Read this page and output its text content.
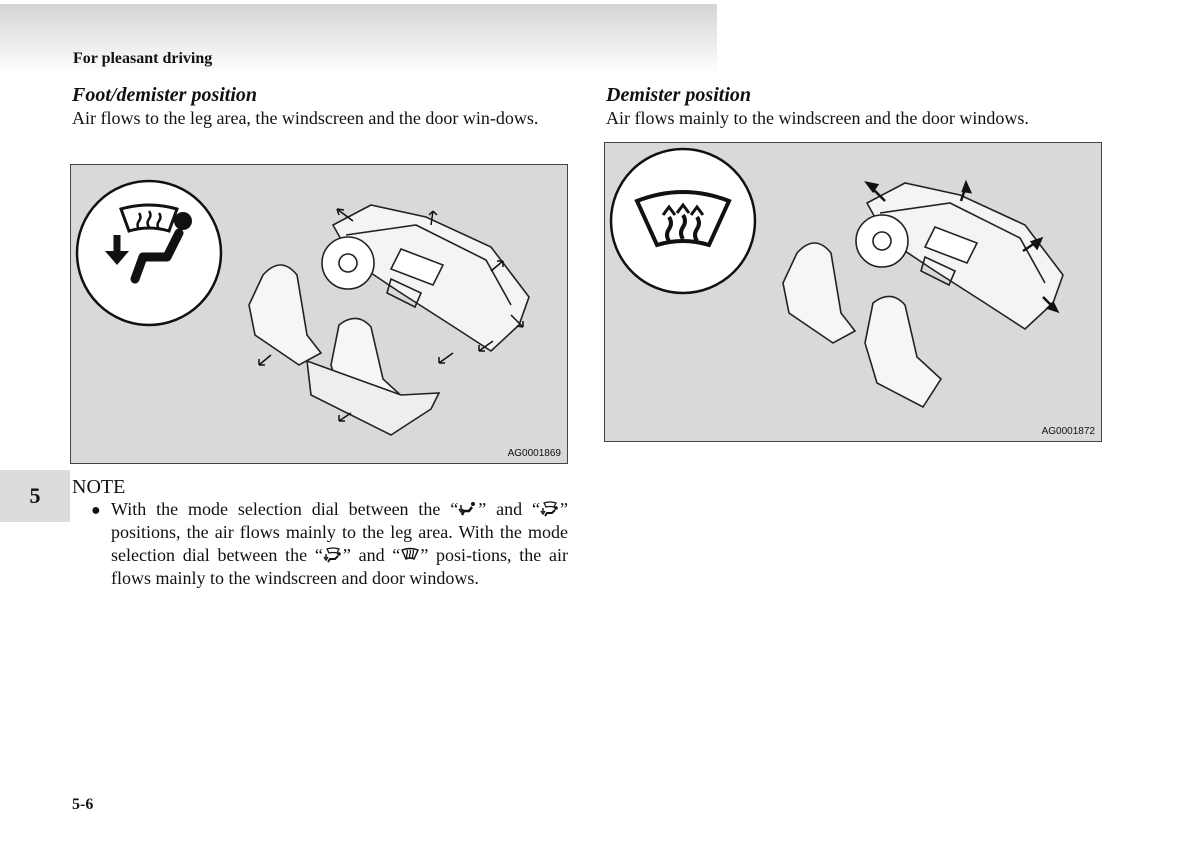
For pleasant driving
Foot/demister position

Air flows to the leg area, the windscreen and the door win-dows.

Demister position

Air flows mainly to the windscreen and the door windows.

AG0001869
AG0001872
5	NOTE
● With the mode selection dial between the “ ” and “ ” positions, the air flows mainly to the leg area. With the mode selection dial between the “ ” and “ ” posi-tions, the air flows mainly to the windscreen and door windows.
5-6
